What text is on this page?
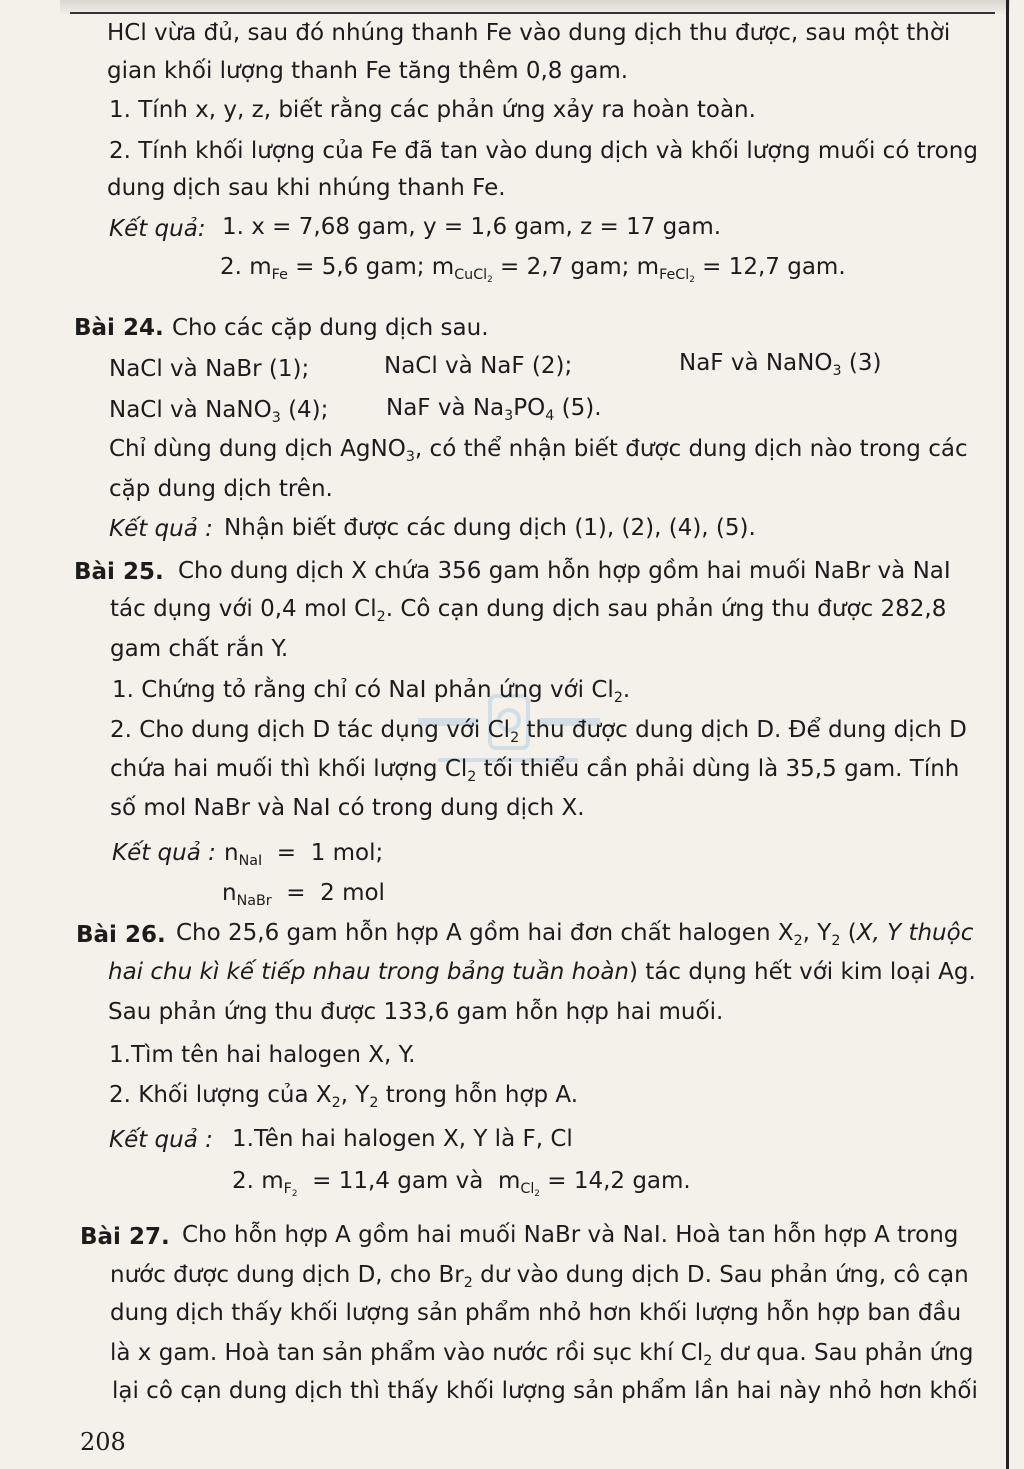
HCl vừa đủ, sau đó nhúng thanh Fe vào dung dịch thu được, sau một thời
gian khối lượng thanh Fe tăng thêm 0,8 gam.
1. Tính x, y, z, biết rằng các phản ứng xảy ra hoàn toàn.
2. Tính khối lượng của Fe đã tan vào dung dịch và khối lượng muối có trong
dung dịch sau khi nhúng thanh Fe.
Kết quả: 1. x = 7,68 gam, y = 1,6 gam, z = 17 gam.
2. $m_{Fe} = 5,6$ gam; $m_{CuCl_2} = 2,7$ gam; $m_{FeCl_2} = 12,7$ gam.
Bài 24. Cho các cặp dung dịch sau.
NaCl và NaBr (1);	NaCl và NaF (2);	NaF và NaNO$_3$ (3)
NaCl và NaNO$_3$ (4);	NaF và $Na_3PO_4$ (5).
Chỉ dùng dung dịch AgNO$_3$, có thể nhận biết được dung dịch nào trong các
cặp dung dịch trên.
Kết quả : Nhận biết được các dung dịch (1), (2), (4), (5).
Bài 25. Cho dung dịch X chứa 356 gam hỗn hợp gồm hai muối NaBr và NaI
tác dụng với 0,4 mol $Cl_2$. Cô cạn dung dịch sau phản ứng thu được 282,8
gam chất rắn Y.
1. Chứng tỏ rằng chỉ có NaI phản ứng với $Cl_2$.
2. Cho dung dịch D tác dụng với $Cl_2$ thu được dung dịch D. Để dung dịch D
chứa hai muối thì khối lượng $Cl_2$ tối thiểu cần phải dùng là 35,5 gam. Tính
số mol NaBr và NaI có trong dung dịch X.
Kết quả : $n_{NaI} = 1$ mol;
$n_{NaBr} = 2$ mol
Bài 26. Cho 25,6 gam hỗn hợp A gồm hai đơn chất halogen $X_2$, $Y_2$ (X, Y thuộc
hai chu kì kế tiếp nhau trong bảng tuần hoàn) tác dụng hết với kim loại Ag.
Sau phản ứng thu được 133,6 gam hỗn hợp hai muối.
1.Tìm tên hai halogen X, Y.
2. Khối lượng của $X_2$, $Y_2$ trong hỗn hợp A.
Kết quả : 1.Tên hai halogen X, Y là F, Cl
2. $m_{F_2} = 11,4$ gam và  $m_{Cl_2} = 14,2$ gam.
Bài 27. Cho hỗn hợp A gồm hai muối NaBr và NaI. Hoà tan hỗn hợp A trong
nước được dung dịch D, cho $Br_2$ dư vào dung dịch D. Sau phản ứng, cô cạn
dung dịch thấy khối lượng sản phẩm nhỏ hơn khối lượng hỗn hợp ban đầu
là x gam. Hoà tan sản phẩm vào nước rồi sục khí $Cl_2$ dư qua. Sau phản ứng
lại cô cạn dung dịch thì thấy khối lượng sản phẩm lần hai này nhỏ hơn khối
208
